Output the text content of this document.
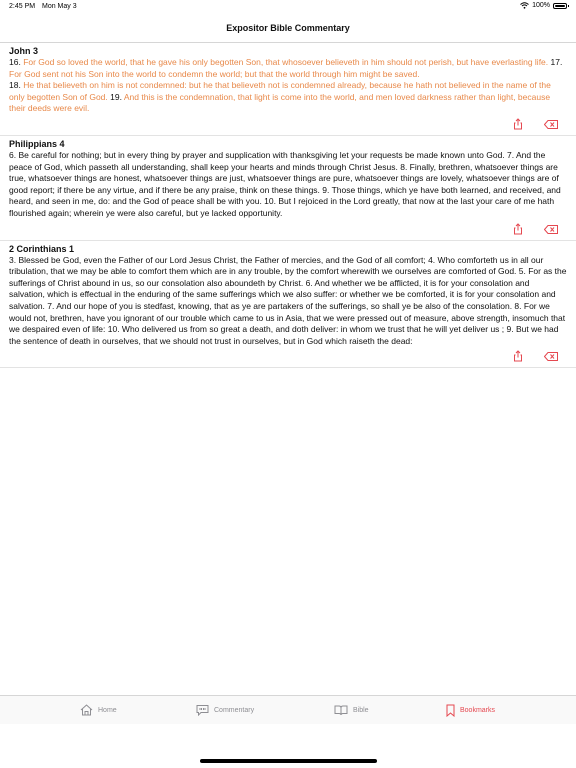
2:45 PM Mon May 3	100%
Expositor Bible Commentary
John 3
16. For God so loved the world, that he gave his only begotten Son, that whosoever believeth in him should not perish, but have everlasting life. 17. For God sent not his Son into the world to condemn the world; but that the world through him might be saved.
18. He that believeth on him is not condemned: but he that believeth not is condemned already, because he hath not believed in the name of the only begotten Son of God. 19. And this is the condemnation, that light is come into the world, and men loved darkness rather than light, because their deeds were evil.
Philippians 4
6. Be careful for nothing; but in every thing by prayer and supplication with thanksgiving let your requests be made known unto God. 7. And the peace of God, which passeth all understanding, shall keep your hearts and minds through Christ Jesus. 8. Finally, brethren, whatsoever things are true, whatsoever things are honest, whatsoever things are just, whatsoever things are pure, whatsoever things are lovely, whatsoever things are of good report; if there be any virtue, and if there be any praise, think on these things. 9. Those things, which ye have both learned, and received, and heard, and seen in me, do: and the God of peace shall be with you. 10. But I rejoiced in the Lord greatly, that now at the last your care of me hath flourished again; wherein ye were also careful, but ye lacked opportunity.
2 Corinthians 1
3. Blessed be God, even the Father of our Lord Jesus Christ, the Father of mercies, and the God of all comfort; 4. Who comforteth us in all our tribulation, that we may be able to comfort them which are in any trouble, by the comfort wherewith we ourselves are comforted of God. 5. For as the sufferings of Christ abound in us, so our consolation also aboundeth by Christ. 6. And whether we be afflicted, it is for your consolation and salvation, which is effectual in the enduring of the same sufferings which we also suffer: or whether we be comforted, it is for your consolation and salvation. 7. And our hope of you is stedfast, knowing, that as ye are partakers of the sufferings, so shall ye be also of the consolation. 8. For we would not, brethren, have you ignorant of our trouble which came to us in Asia, that we were pressed out of measure, above strength, insomuch that we despaired even of life: 10. Who delivered us from so great a death, and doth deliver: in whom we trust that he will yet deliver us ; 9. But we had the sentence of death in ourselves, that we should not trust in ourselves, but in God which raiseth the dead:
Home	Commentary	Bible	Bookmarks
